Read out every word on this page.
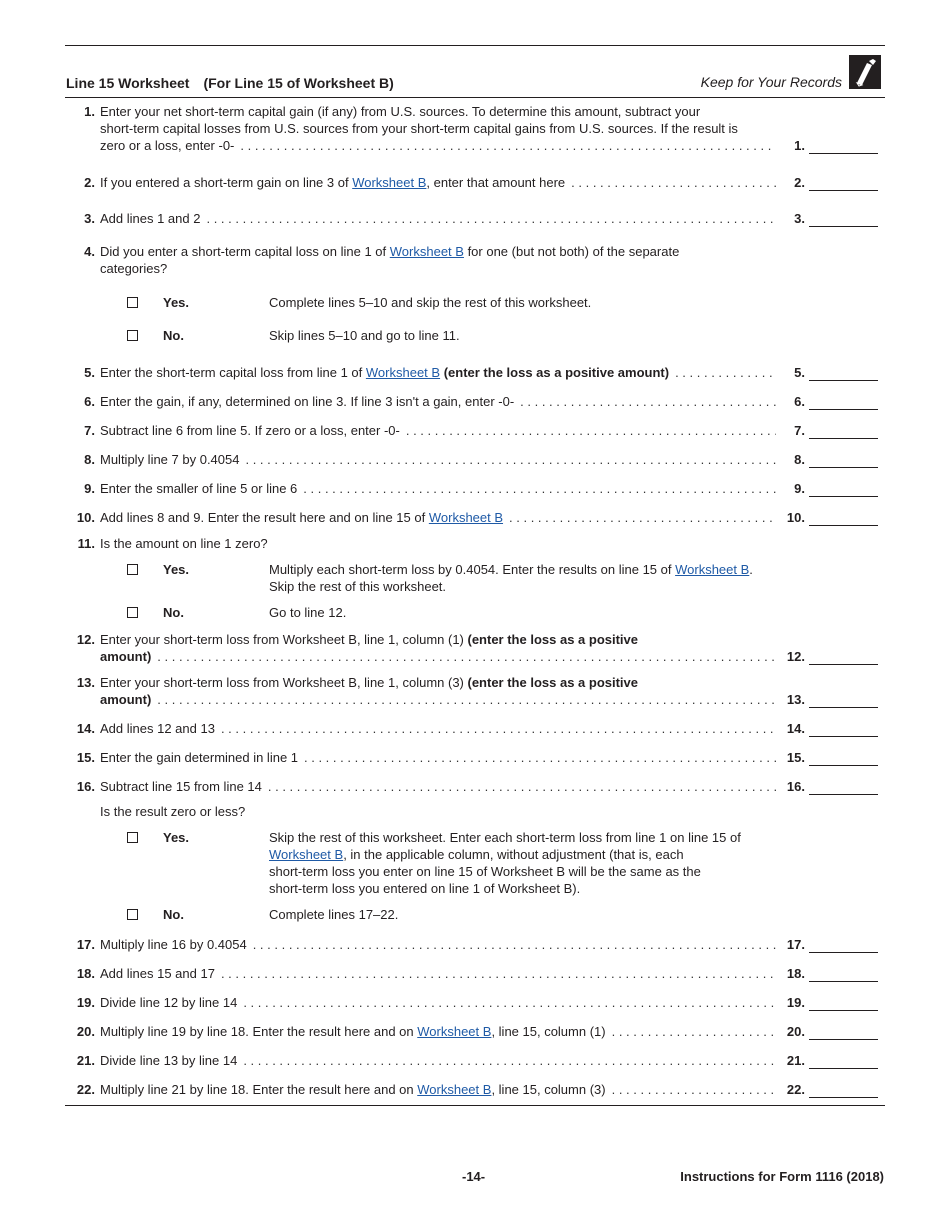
Line 15 Worksheet (For Line 15 of Worksheet B)	Keep for Your Records
1. Enter your net short-term capital gain (if any) from U.S. sources. To determine this amount, subtract your
short-term capital losses from U.S. sources from your short-term capital gains from U.S. sources. If the result is
zero or a loss, enter -0- . . .	1.
2. If you entered a short-term gain on line 3 of Worksheet B, enter that amount here . . .	2.
3. Add lines 1 and 2 . . .	3.
4. Did you enter a short-term capital loss on line 1 of Worksheet B for one (but not both) of the separate
categories?
Yes.	Complete lines 5–10 and skip the rest of this worksheet.
No.	Skip lines 5–10 and go to line 11.
5. Enter the short-term capital loss from line 1 of Worksheet B (enter the loss as a positive amount) . . .	5.
6. Enter the gain, if any, determined on line 3. If line 3 isn't a gain, enter -0- . . .	6.
7. Subtract line 6 from line 5. If zero or a loss, enter -0- . . .	7.
8. Multiply line 7 by 0.4054 . . .	8.
9. Enter the smaller of line 5 or line 6 . . .	9.
10. Add lines 8 and 9. Enter the result here and on line 15 of Worksheet B . . .	10.
11. Is the amount on line 1 zero?
Yes.	Multiply each short-term loss by 0.4054. Enter the results on line 15 of Worksheet B. Skip the rest of this worksheet.
No.	Go to line 12.
12. Enter your short-term loss from Worksheet B, line 1, column (1) (enter the loss as a positive
amount) . . .	12.
13. Enter your short-term loss from Worksheet B, line 1, column (3) (enter the loss as a positive
amount) . . .	13.
14. Add lines 12 and 13 . . .	14.
15. Enter the gain determined in line 1 . . .	15.
16. Subtract line 15 from line 14 . . .	16.
Is the result zero or less?
Yes.	Skip the rest of this worksheet. Enter each short-term loss from line 1 on line 15 of
Worksheet B, in the applicable column, without adjustment (that is, each
short-term loss you enter on line 15 of Worksheet B will be the same as the
short-term loss you entered on line 1 of Worksheet B).
No.	Complete lines 17–22.
17. Multiply line 16 by 0.4054 . . .	17.
18. Add lines 15 and 17 . . .	18.
19. Divide line 12 by line 14 . . .	19.
20. Multiply line 19 by line 18. Enter the result here and on Worksheet B, line 15, column (1) . . .	20.
21. Divide line 13 by line 14 . . .	21.
22. Multiply line 21 by line 18. Enter the result here and on Worksheet B, line 15, column (3) . . .	22.
-14-	Instructions for Form 1116 (2018)
